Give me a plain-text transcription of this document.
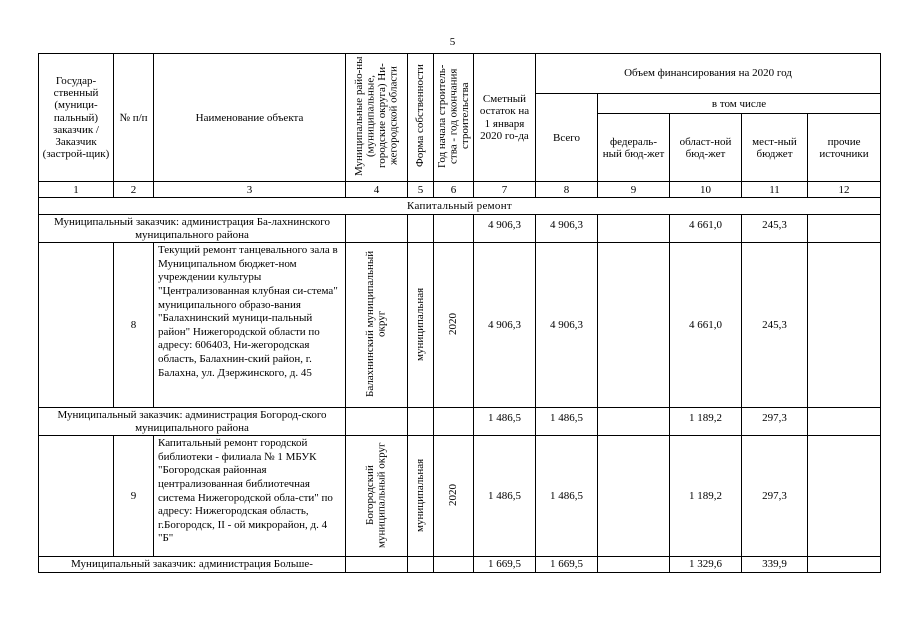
5
Государ-ственный (муници-пальный) заказчик / Заказчик (застрой-щик)	№ п/п	Наименование объекта	Муниципальные райо-ны (муниципальные, городские округа) Ни-жегородской области	Форма собственности	Год начала строитель-ства - год окончания строительства	Сметный остаток на 1 января 2020 го-да	Объем финансирования на 2020 год				
							Всего	в том числе			
								федераль-ный бюд-жет	област-ной бюд-жет	мест-ный бюджет	прочие источники
1	2	3	4	5	6	7	8	9	10	11	12
Капитальный ремонт											
Муниципальный заказчик: администрация Ба-лахнинского муниципального района						4 906,3	4 906,3		4 661,0	245,3	
	8	Текущий ремонт танцевального зала в Муниципальном бюджет-ном учреждении культуры "Централизованная клубная си-стема" муниципального образо-вания "Балахнинский муници-пальный район" Нижегородской области по адресу: 606403, Ни-жегородская область, Балахнин-ский район, г. Балахна, ул. Дзержинского, д. 45	Балахнинский муниципальный округ	муниципальная	2020	4 906,3	4 906,3		4 661,0	245,3	
Муниципальный заказчик: администрация Богород-ского муниципального района						1 486,5	1 486,5		1 189,2	297,3	
	9	Капитальный ремонт городской библиотеки - филиала № 1 МБУК "Богородская районная централизованная библиотечная система Нижегородской обла-сти" по адресу: Нижегородская область, г.Богородск, II - ой микрорайон, д. 4 "Б"	Богородский муниципальный округ	муниципальная	2020	1 486,5	1 486,5		1 189,2	297,3	
Муниципальный заказчик: администрация Больше-						1 669,5	1 669,5		1 329,6	339,9	
